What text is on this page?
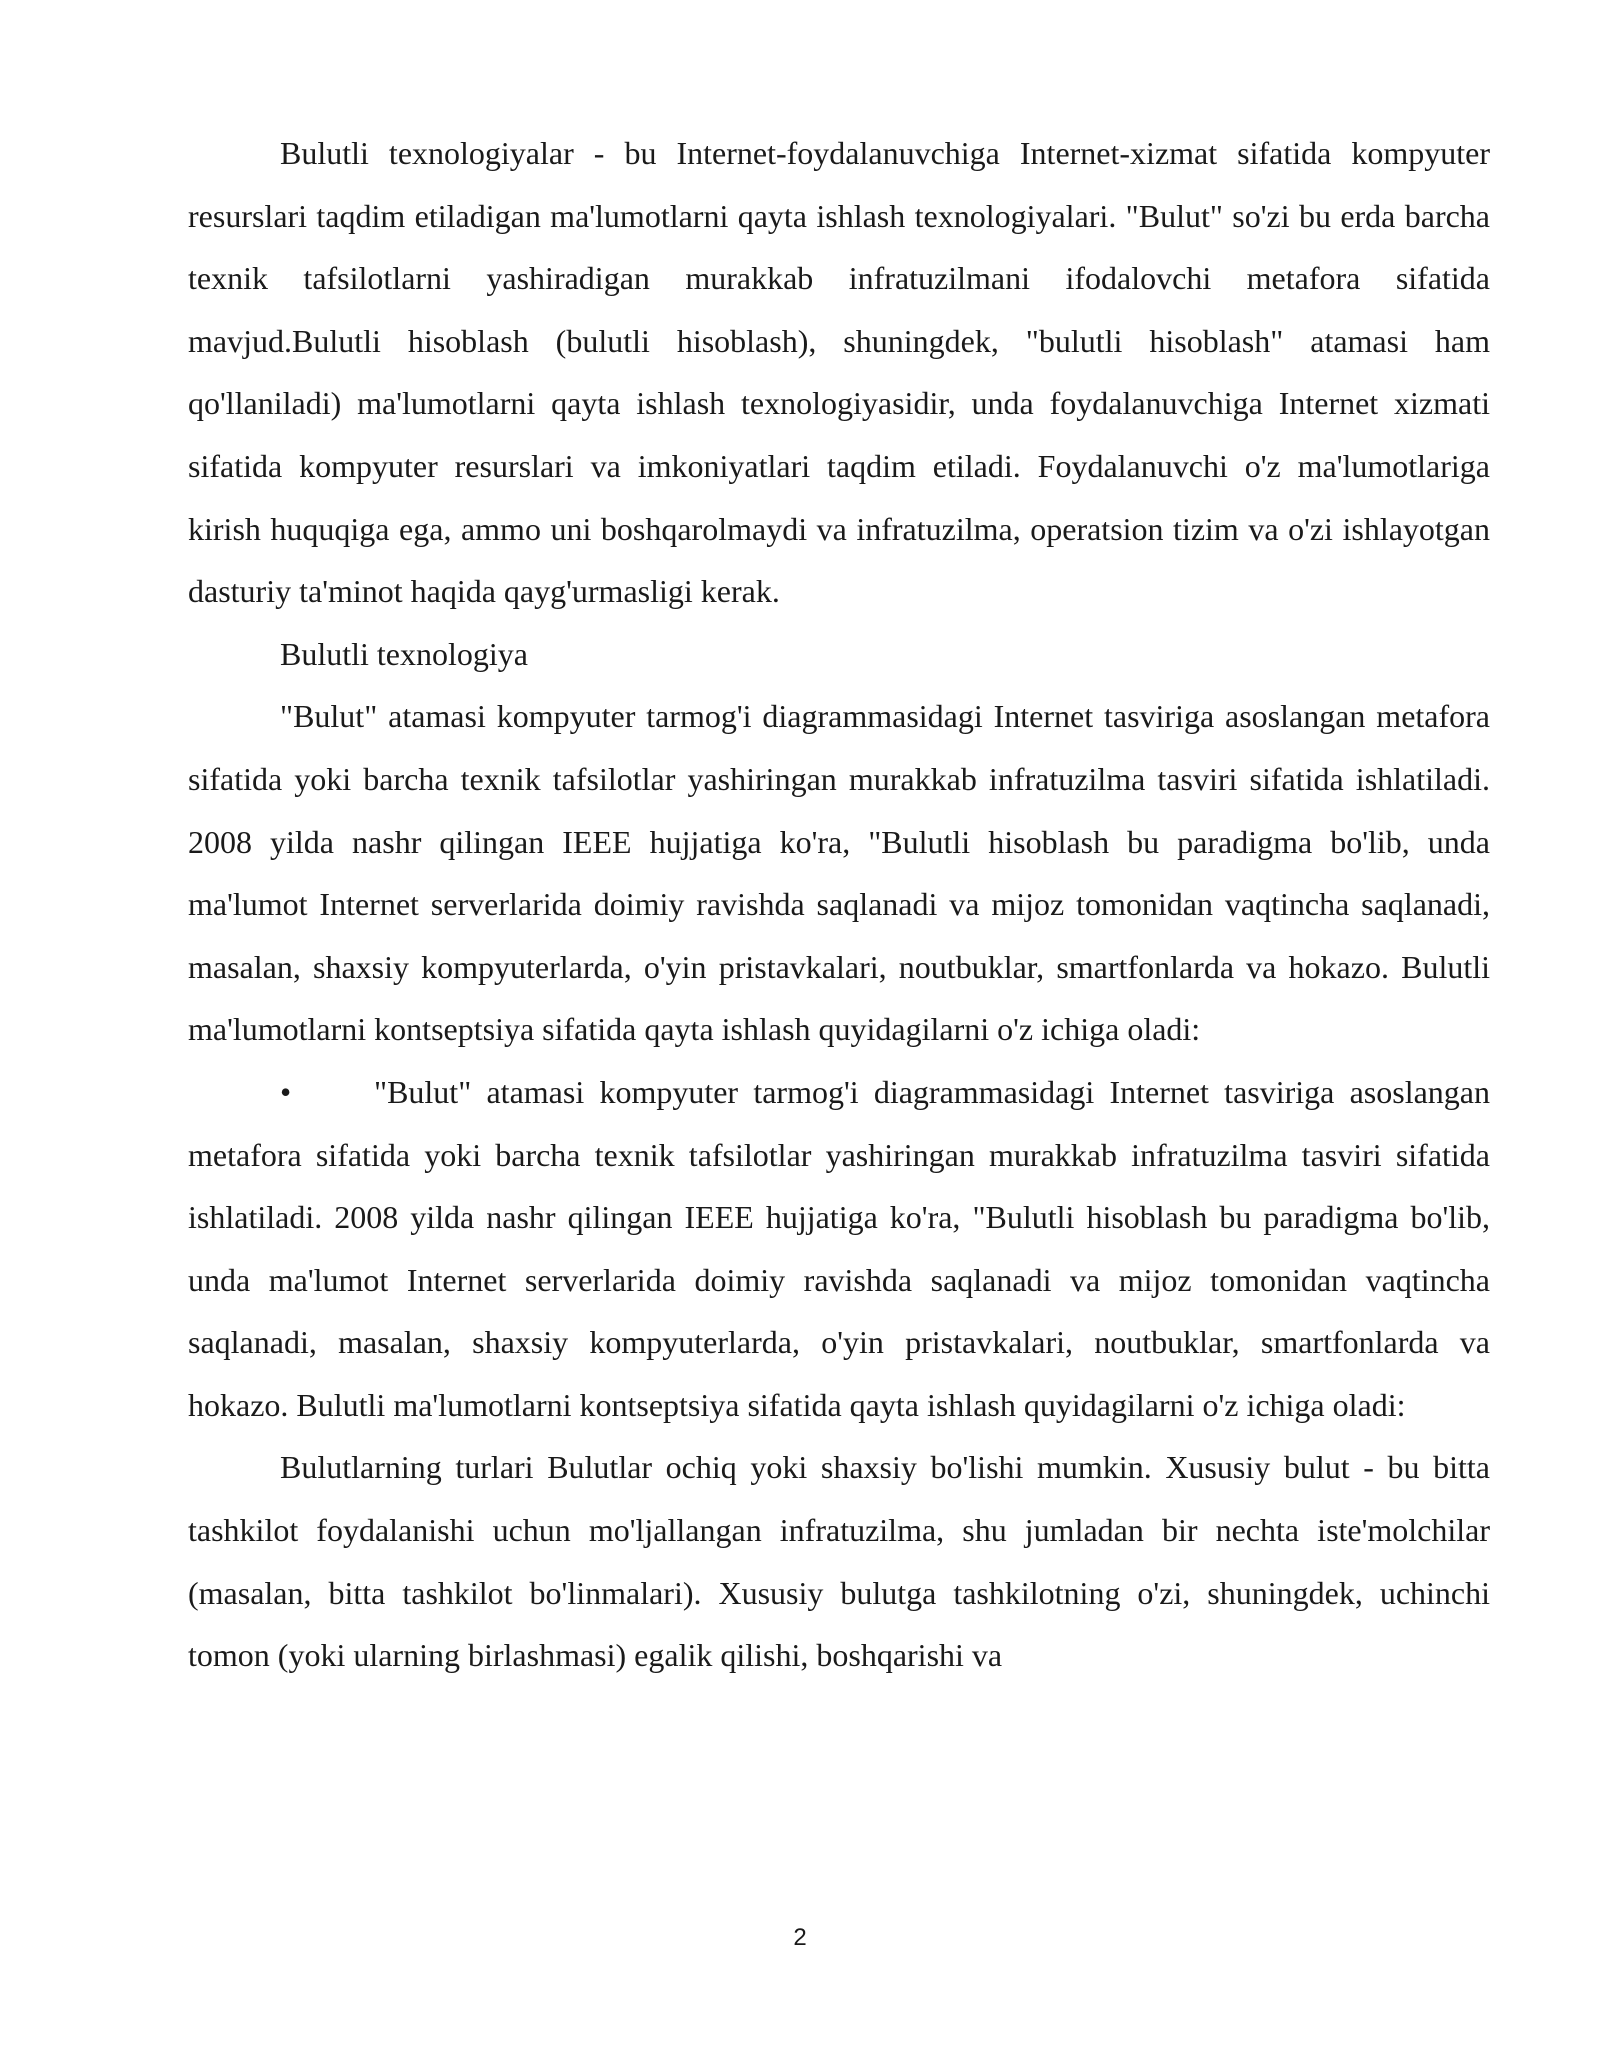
Bulutli texnologiyalar - bu Internet-foydalanuvchiga Internet-xizmat sifatida kompyuter resurslari taqdim etiladigan ma'lumotlarni qayta ishlash texnologiyalari. "Bulut" so'zi bu erda barcha texnik tafsilotlarni yashiradigan murakkab infratuzilmani ifodalovchi metafora sifatida mavjud.Bulutli hisoblash (bulutli hisoblash), shuningdek, "bulutli hisoblash" atamasi ham qo'llaniladi) ma'lumotlarni qayta ishlash texnologiyasidir, unda foydalanuvchiga Internet xizmati sifatida kompyuter resurslari va imkoniyatlari taqdim etiladi. Foydalanuvchi o'z ma'lumotlariga kirish huquqiga ega, ammo uni boshqarolmaydi va infratuzilma, operatsion tizim va o'zi ishlayotgan dasturiy ta'minot haqida qayg'urmasligi kerak.

Bulutli texnologiya

"Bulut" atamasi kompyuter tarmog'i diagrammasidagi Internet tasviriga asoslangan metafora sifatida yoki barcha texnik tafsilotlar yashiringan murakkab infratuzilma tasviri sifatida ishlatiladi. 2008 yilda nashr qilingan IEEE hujjatiga ko'ra, "Bulutli hisoblash bu paradigma bo'lib, unda ma'lumot Internet serverlarida doimiy ravishda saqlanadi va mijoz tomonidan vaqtincha saqlanadi, masalan, shaxsiy kompyuterlarda, o'yin pristavkalari, noutbuklar, smartfonlarda va hokazo. Bulutli ma'lumotlarni kontseptsiya sifatida qayta ishlash quyidagilarni o'z ichiga oladi:

•	"Bulut" atamasi kompyuter tarmog'i diagrammasidagi Internet tasviriga asoslangan metafora sifatida yoki barcha texnik tafsilotlar yashiringan murakkab infratuzilma tasviri sifatida ishlatiladi. 2008 yilda nashr qilingan IEEE hujjatiga ko'ra, "Bulutli hisoblash bu paradigma bo'lib, unda ma'lumot Internet serverlarida doimiy ravishda saqlanadi va mijoz tomonidan vaqtincha saqlanadi, masalan, shaxsiy kompyuterlarda, o'yin pristavkalari, noutbuklar, smartfonlarda va hokazo. Bulutli ma'lumotlarni kontseptsiya sifatida qayta ishlash quyidagilarni o'z ichiga oladi:

Bulutlarning turlari Bulutlar ochiq yoki shaxsiy bo'lishi mumkin. Xususiy bulut - bu bitta tashkilot foydalanishi uchun mo'ljallangan infratuzilma, shu jumladan bir nechta iste'molchilar (masalan, bitta tashkilot bo'linmalari). Xususiy bulutga tashkilotning o'zi, shuningdek, uchinchi tomon (yoki ularning birlashmasi) egalik qilishi, boshqarishi va

2
